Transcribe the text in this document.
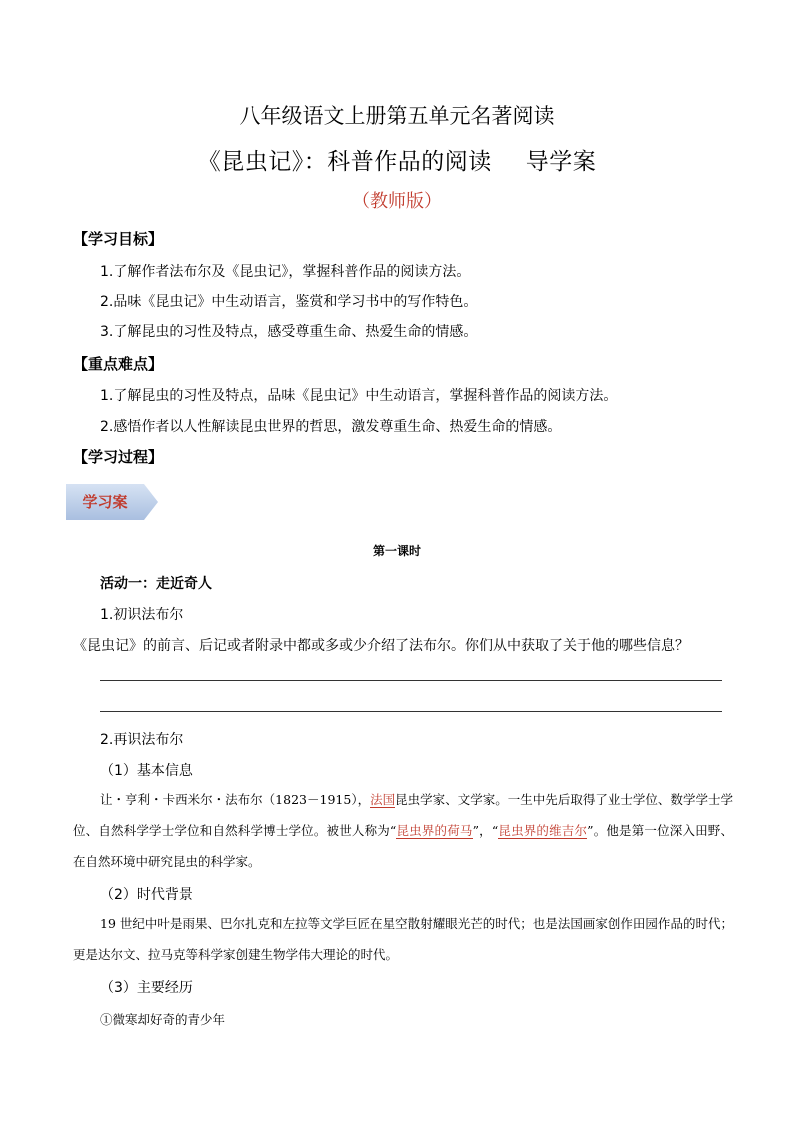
八年级语文上册第五单元名著阅读
《昆虫记》：科普作品的阅读 导学案
（教师版）
【学习目标】
1.了解作者法布尔及《昆虫记》，掌握科普作品的阅读方法。
2.品味《昆虫记》中生动语言，鉴赏和学习书中的写作特色。
3.了解昆虫的习性及特点，感受尊重生命、热爱生命的情感。
【重点难点】
1.了解昆虫的习性及特点，品味《昆虫记》中生动语言，掌握科普作品的阅读方法。
2.感悟作者以人性解读昆虫世界的哲思，激发尊重生命、热爱生命的情感。
【学习过程】
学习案
第一课时
活动一：走近奇人
1.初识法布尔
《昆虫记》的前言、后记或者附录中都或多或少介绍了法布尔。你们从中获取了关于他的哪些信息？
2.再识法布尔
（1）基本信息
让・亨利・卡西米尔・法布尔（1823－1915），法国昆虫学家、文学家。一生中先后取得了业士学位、数学学士学位、自然科学学士学位和自然科学博士学位。被世人称为“昆虫界的荷马”，“昆虫界的维吉尔”。他是第一位深入田野、在自然环境中研究昆虫的科学家。
（2）时代背景
19 世纪中叶是雨果、巴尔扎克和左拉等文学巨匠在星空散射耀眼光芒的时代；也是法国画家创作田园作品的时代；更是达尔文、拉马克等科学家创建生物学伟大理论的时代。
（3）主要经历
①微寒却好奇的青少年
